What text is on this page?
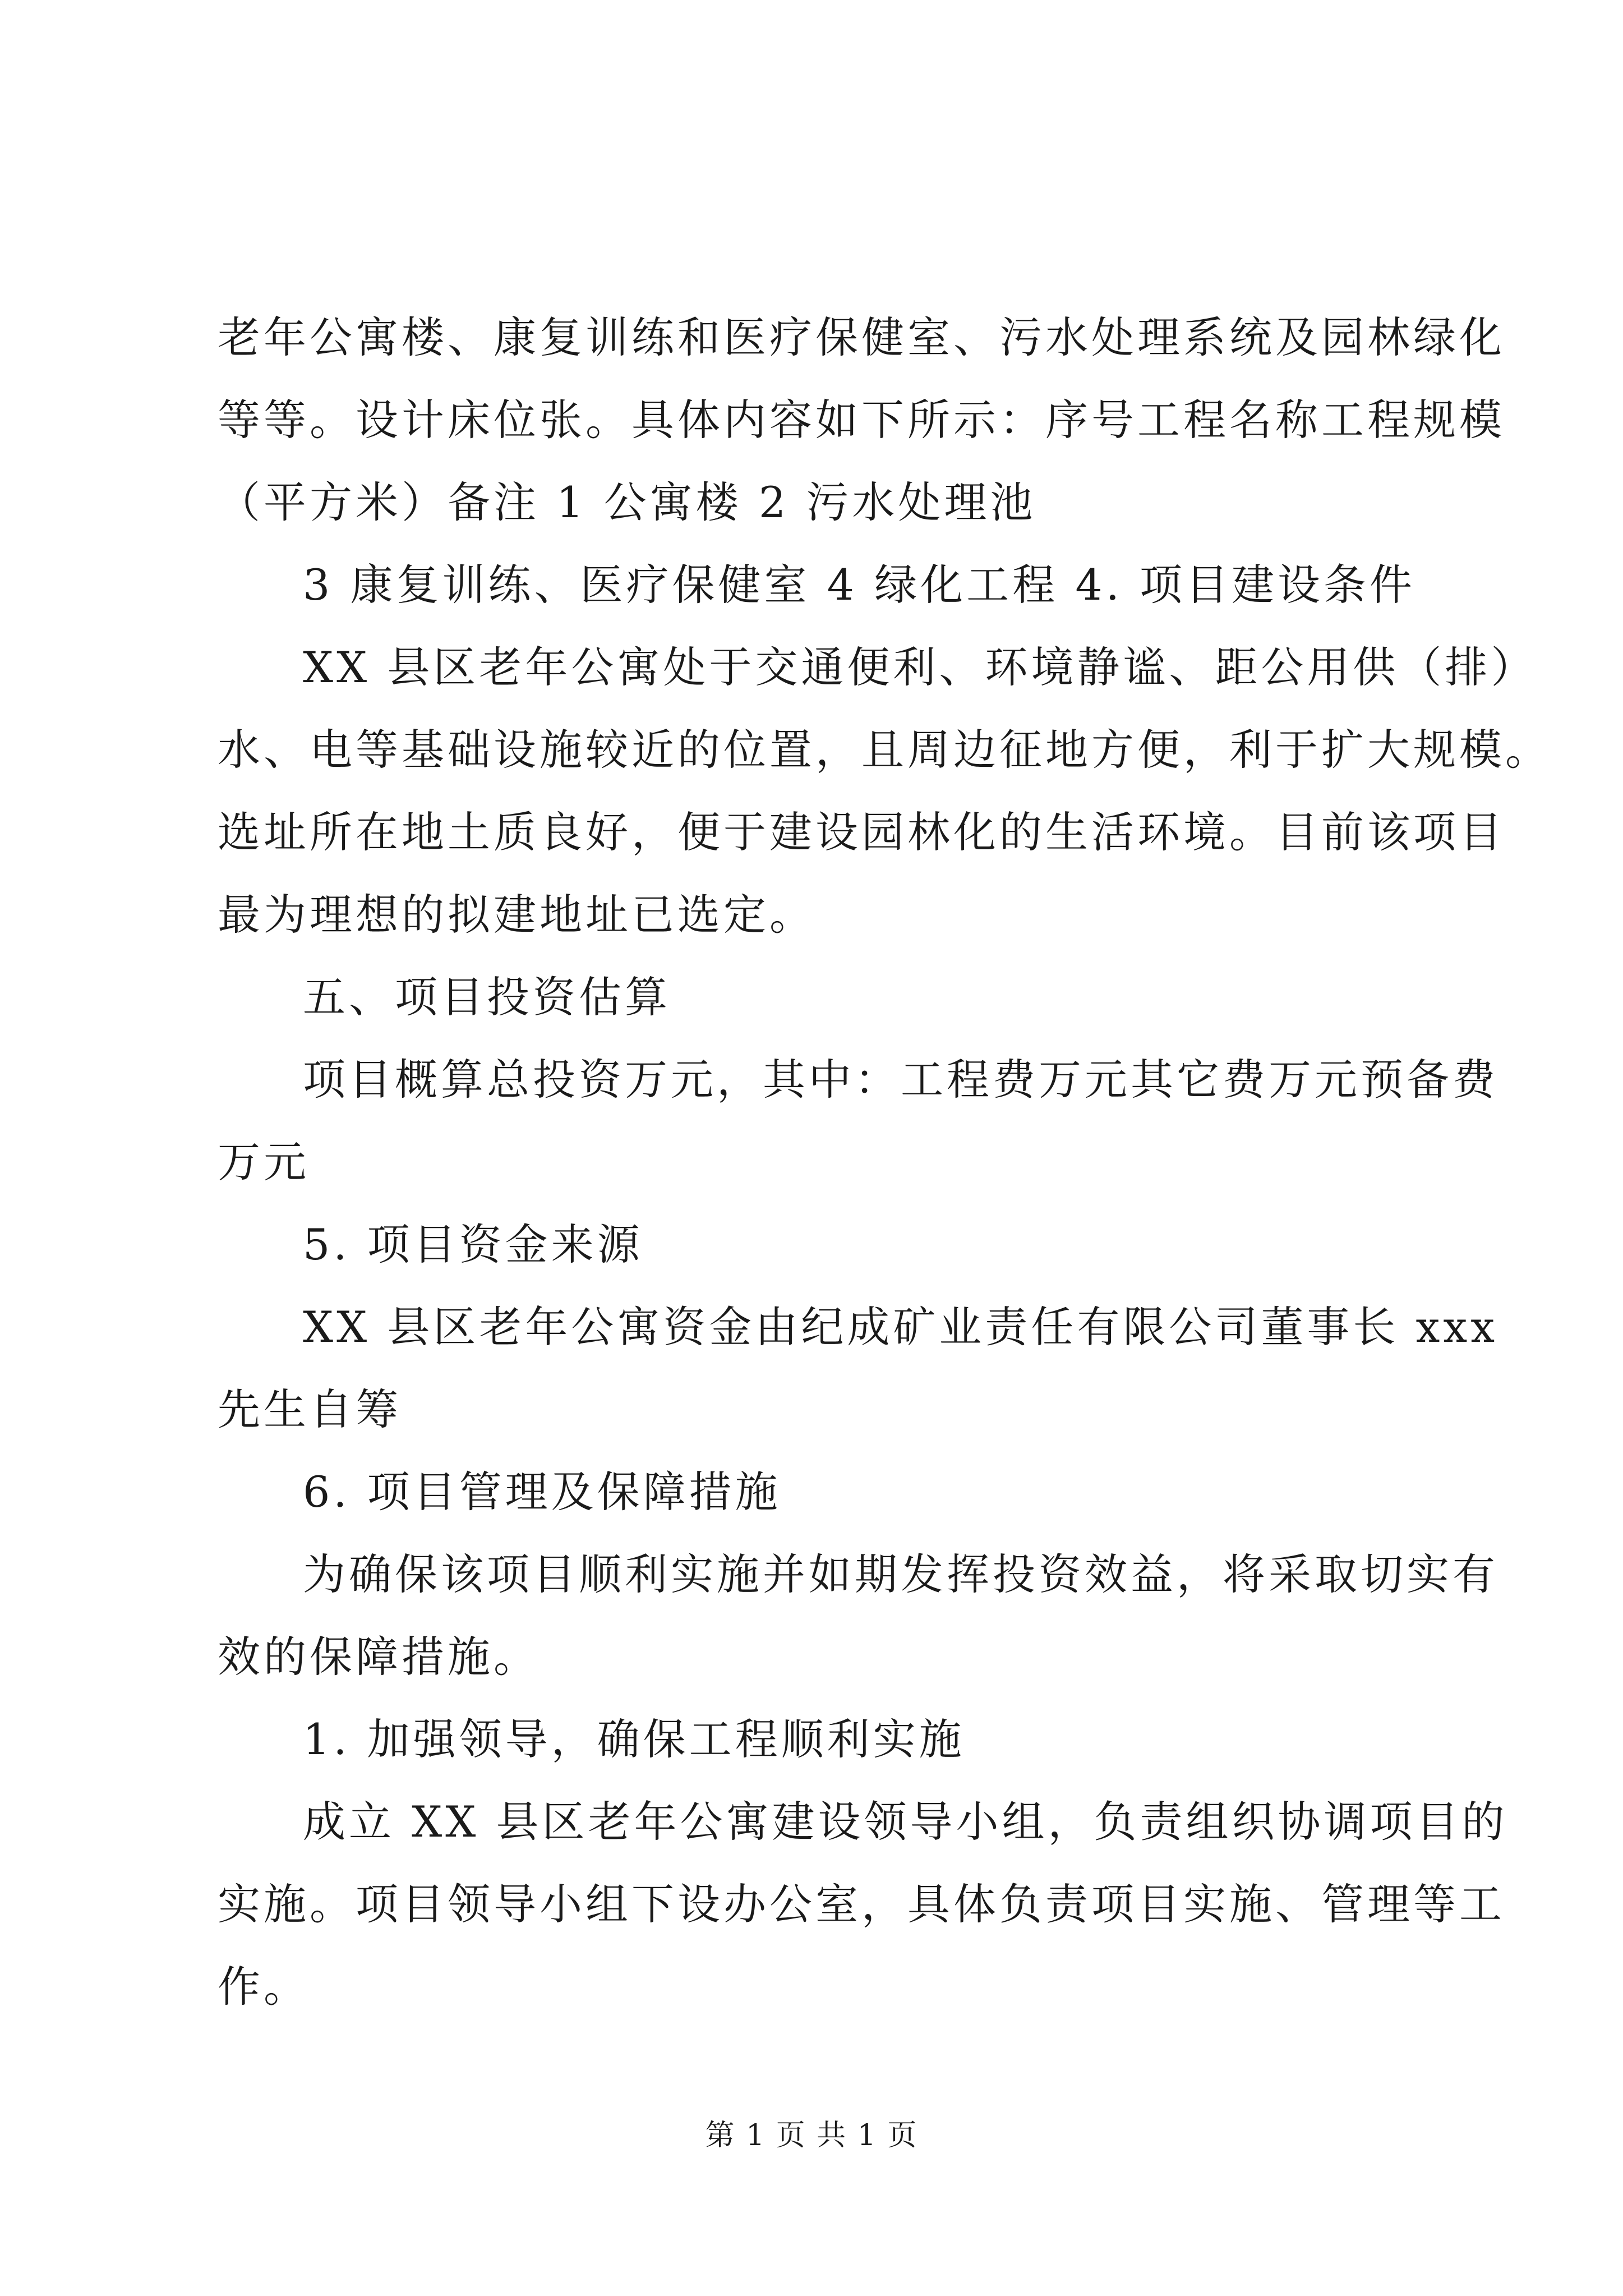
老年公寓楼、康复训练和医疗保健室、污水处理系统及园林绿化
等等。设计床位张。具体内容如下所示：序号工程名称工程规模
（平方米）备注 1 公寓楼 2 污水处理池
3 康复训练、医疗保健室 4 绿化工程 4. 项目建设条件
XX 县区老年公寓处于交通便利、环境静谧、距公用供（排）
水、电等基础设施较近的位置，且周边征地方便，利于扩大规模。
选址所在地土质良好，便于建设园林化的生活环境。目前该项目
最为理想的拟建地址已选定。
五、项目投资估算
项目概算总投资万元，其中：工程费万元其它费万元预备费
万元
5. 项目资金来源
XX 县区老年公寓资金由纪成矿业责任有限公司董事长 xxx
先生自筹
6. 项目管理及保障措施
为确保该项目顺利实施并如期发挥投资效益，将采取切实有
效的保障措施。
1. 加强领导，确保工程顺利实施
成立 XX 县区老年公寓建设领导小组，负责组织协调项目的
实施。项目领导小组下设办公室，具体负责项目实施、管理等工
作。
第 1 页 共 1 页
